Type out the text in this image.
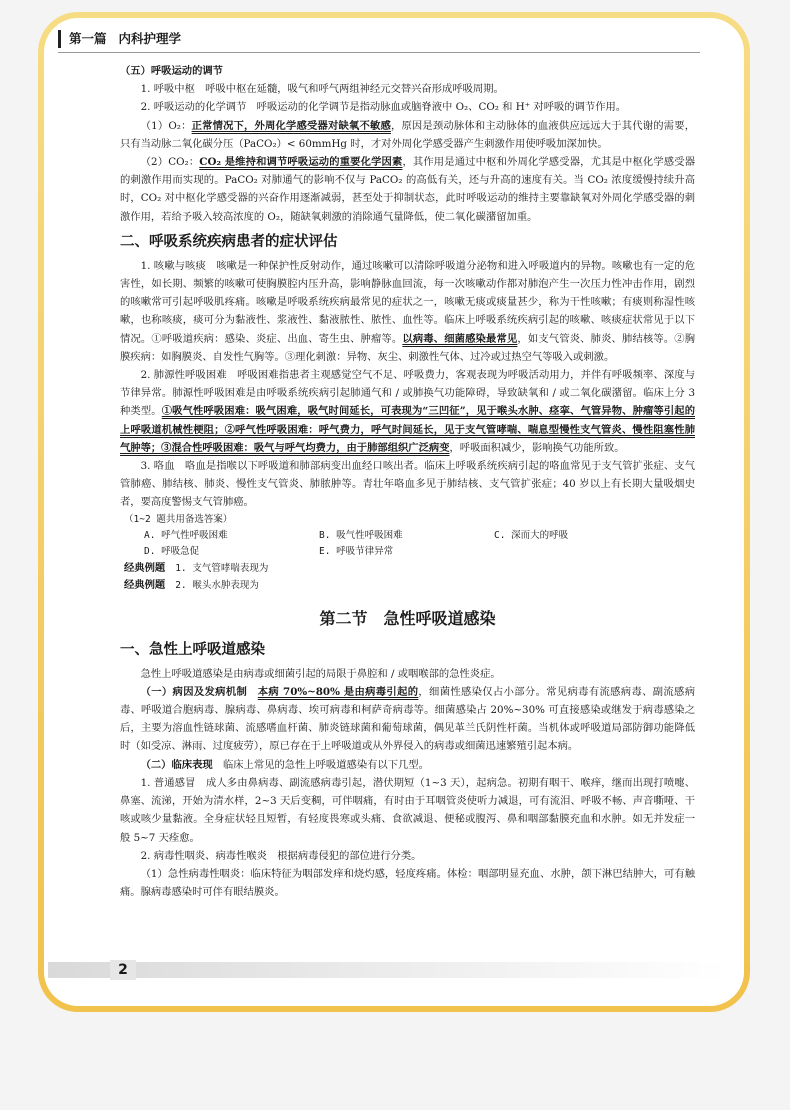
第一篇 内科护理学

（五）呼吸运动的调节

1. 呼吸中枢　呼吸中枢在延髓，吸气和呼气两组神经元交替兴奋形成呼吸周期。

2. 呼吸运动的化学调节　呼吸运动的化学调节是指动脉血或脑脊液中 O₂、CO₂ 和 H⁺ 对呼吸的调节作用。

（1）O₂：正常情况下，外周化学感受器对缺氧不敏感，原因是颈动脉体和主动脉体的血液供应远远大于其代谢的需要，只有当动脉二氧化碳分压（PaCO₂）< 60mmHg 时，才对外周化学感受器产生刺激作用使呼吸加深加快。

（2）CO₂：CO₂ 是维持和调节呼吸运动的重要化学因素，其作用是通过中枢和外周化学感受器，尤其是中枢化学感受器的刺激作用而实现的。PaCO₂ 对肺通气的影响不仅与 PaCO₂ 的高低有关，还与升高的速度有关。当 CO₂ 浓度缓慢持续升高时，CO₂ 对中枢化学感受器的兴奋作用逐渐减弱，甚至处于抑制状态，此时呼吸运动的维持主要靠缺氧对外周化学感受器的刺激作用，若给予吸入较高浓度的 O₂，随缺氧刺激的消除通气量降低，使二氧化碳潴留加重。

二、呼吸系统疾病患者的症状评估

1. 咳嗽与咳痰　咳嗽是一种保护性反射动作，通过咳嗽可以清除呼吸道分泌物和进入呼吸道内的异物。咳嗽也有一定的危害性，如长期、频繁的咳嗽可使胸膜腔内压升高，影响静脉血回流，每一次咳嗽动作都对肺泡产生一次压力性冲击作用，剧烈的咳嗽常可引起呼吸肌疼痛。咳嗽是呼吸系统疾病最常见的症状之一，咳嗽无痰或痰量甚少，称为干性咳嗽；有痰则称湿性咳嗽，也称咳痰，痰可分为黏液性、浆液性、黏液脓性、脓性、血性等。临床上呼吸系统疾病引起的咳嗽、咳痰症状常见于以下情况。①呼吸道疾病：感染、炎症、出血、寄生虫、肿瘤等。以病毒、细菌感染最常见，如支气管炎、肺炎、肺结核等。②胸膜疾病：如胸膜炎、自发性气胸等。③理化刺激：异物、灰尘、刺激性气体、过冷或过热空气等吸入或刺激。

2. 肺源性呼吸困难　呼吸困难指患者主观感觉空气不足、呼吸费力，客观表现为呼吸活动用力，并伴有呼吸频率、深度与节律异常。肺源性呼吸困难是由呼吸系统疾病引起肺通气和 / 或肺换气功能障碍，导致缺氧和 / 或二氧化碳潴留。临床上分 3 种类型。①吸气性呼吸困难：吸气困难，吸气时间延长，可表现为“三凹征”，见于喉头水肿、痉挛、气管异物、肿瘤等引起的上呼吸道机械性梗阻；②呼气性呼吸困难：呼气费力，呼气时间延长，见于支气管哮喘、喘息型慢性支气管炎、慢性阻塞性肺气肿等；③混合性呼吸困难：吸气与呼气均费力，由于肺部组织广泛病变，呼吸面积减少，影响换气功能所致。

3. 咯血　咯血是指喉以下呼吸道和肺部病变出血经口咳出者。临床上呼吸系统疾病引起的咯血常见于支气管扩张症、支气管肺癌、肺结核、肺炎、慢性支气管炎、肺脓肿等。青壮年咯血多见于肺结核、支气管扩张症；40 岁以上有长期大量吸烟史者，要高度警惕支气管肺癌。

（1~2 题共用备选答案）
A. 呼气性呼吸困难	B. 吸气性呼吸困难	C. 深而大的呼吸
D. 呼吸急促	E. 呼吸节律异常
经典例题 1. 支气管哮喘表现为
经典例题 2. 喉头水肿表现为
第二节　急性呼吸道感染
一、急性上呼吸道感染

急性上呼吸道感染是由病毒或细菌引起的局限于鼻腔和 / 或咽喉部的急性炎症。

（一）病因及发病机制　 本病 70%~80% 是由病毒引起的，细菌性感染仅占小部分。常见病毒有流感病毒、副流感病毒、呼吸道合胞病毒、腺病毒、鼻病毒、埃可病毒和柯萨奇病毒等。细菌感染占 20%~30% 可直接感染或继发于病毒感染之后，主要为溶血性链球菌、流感嗜血杆菌、肺炎链球菌和葡萄球菌，偶见革兰氏阴性杆菌。当机体或呼吸道局部防御功能降低时（如受凉、淋雨、过度疲劳），原已存在于上呼吸道或从外界侵入的病毒或细菌迅速繁殖引起本病。

（二）临床表现　 临床上常见的急性上呼吸道感染有以下几型。

1. 普通感冒　成人多由鼻病毒、副流感病毒引起，潜伏期短（1~3 天），起病急。初期有咽干、喉痒，继而出现打喷嚏、鼻塞、流涕，开始为清水样，2~3 天后变稠，可伴咽痛，有时由于耳咽管炎使听力减退，可有流泪、呼吸不畅、声音嘶哑、干咳或咳少量黏液。全身症状轻且短暂，有轻度畏寒或头痛、食欲减退、便秘或腹泻、鼻和咽部黏膜充血和水肿。如无并发症一般 5~7 天痊愈。

2. 病毒性咽炎、病毒性喉炎　根据病毒侵犯的部位进行分类。

（1）急性病毒性咽炎：临床特征为咽部发痒和烧灼感，轻度疼痛。体检：咽部明显充血、水肿，颌下淋巴结肿大，可有触痛。腺病毒感染时可伴有眼结膜炎。

2
